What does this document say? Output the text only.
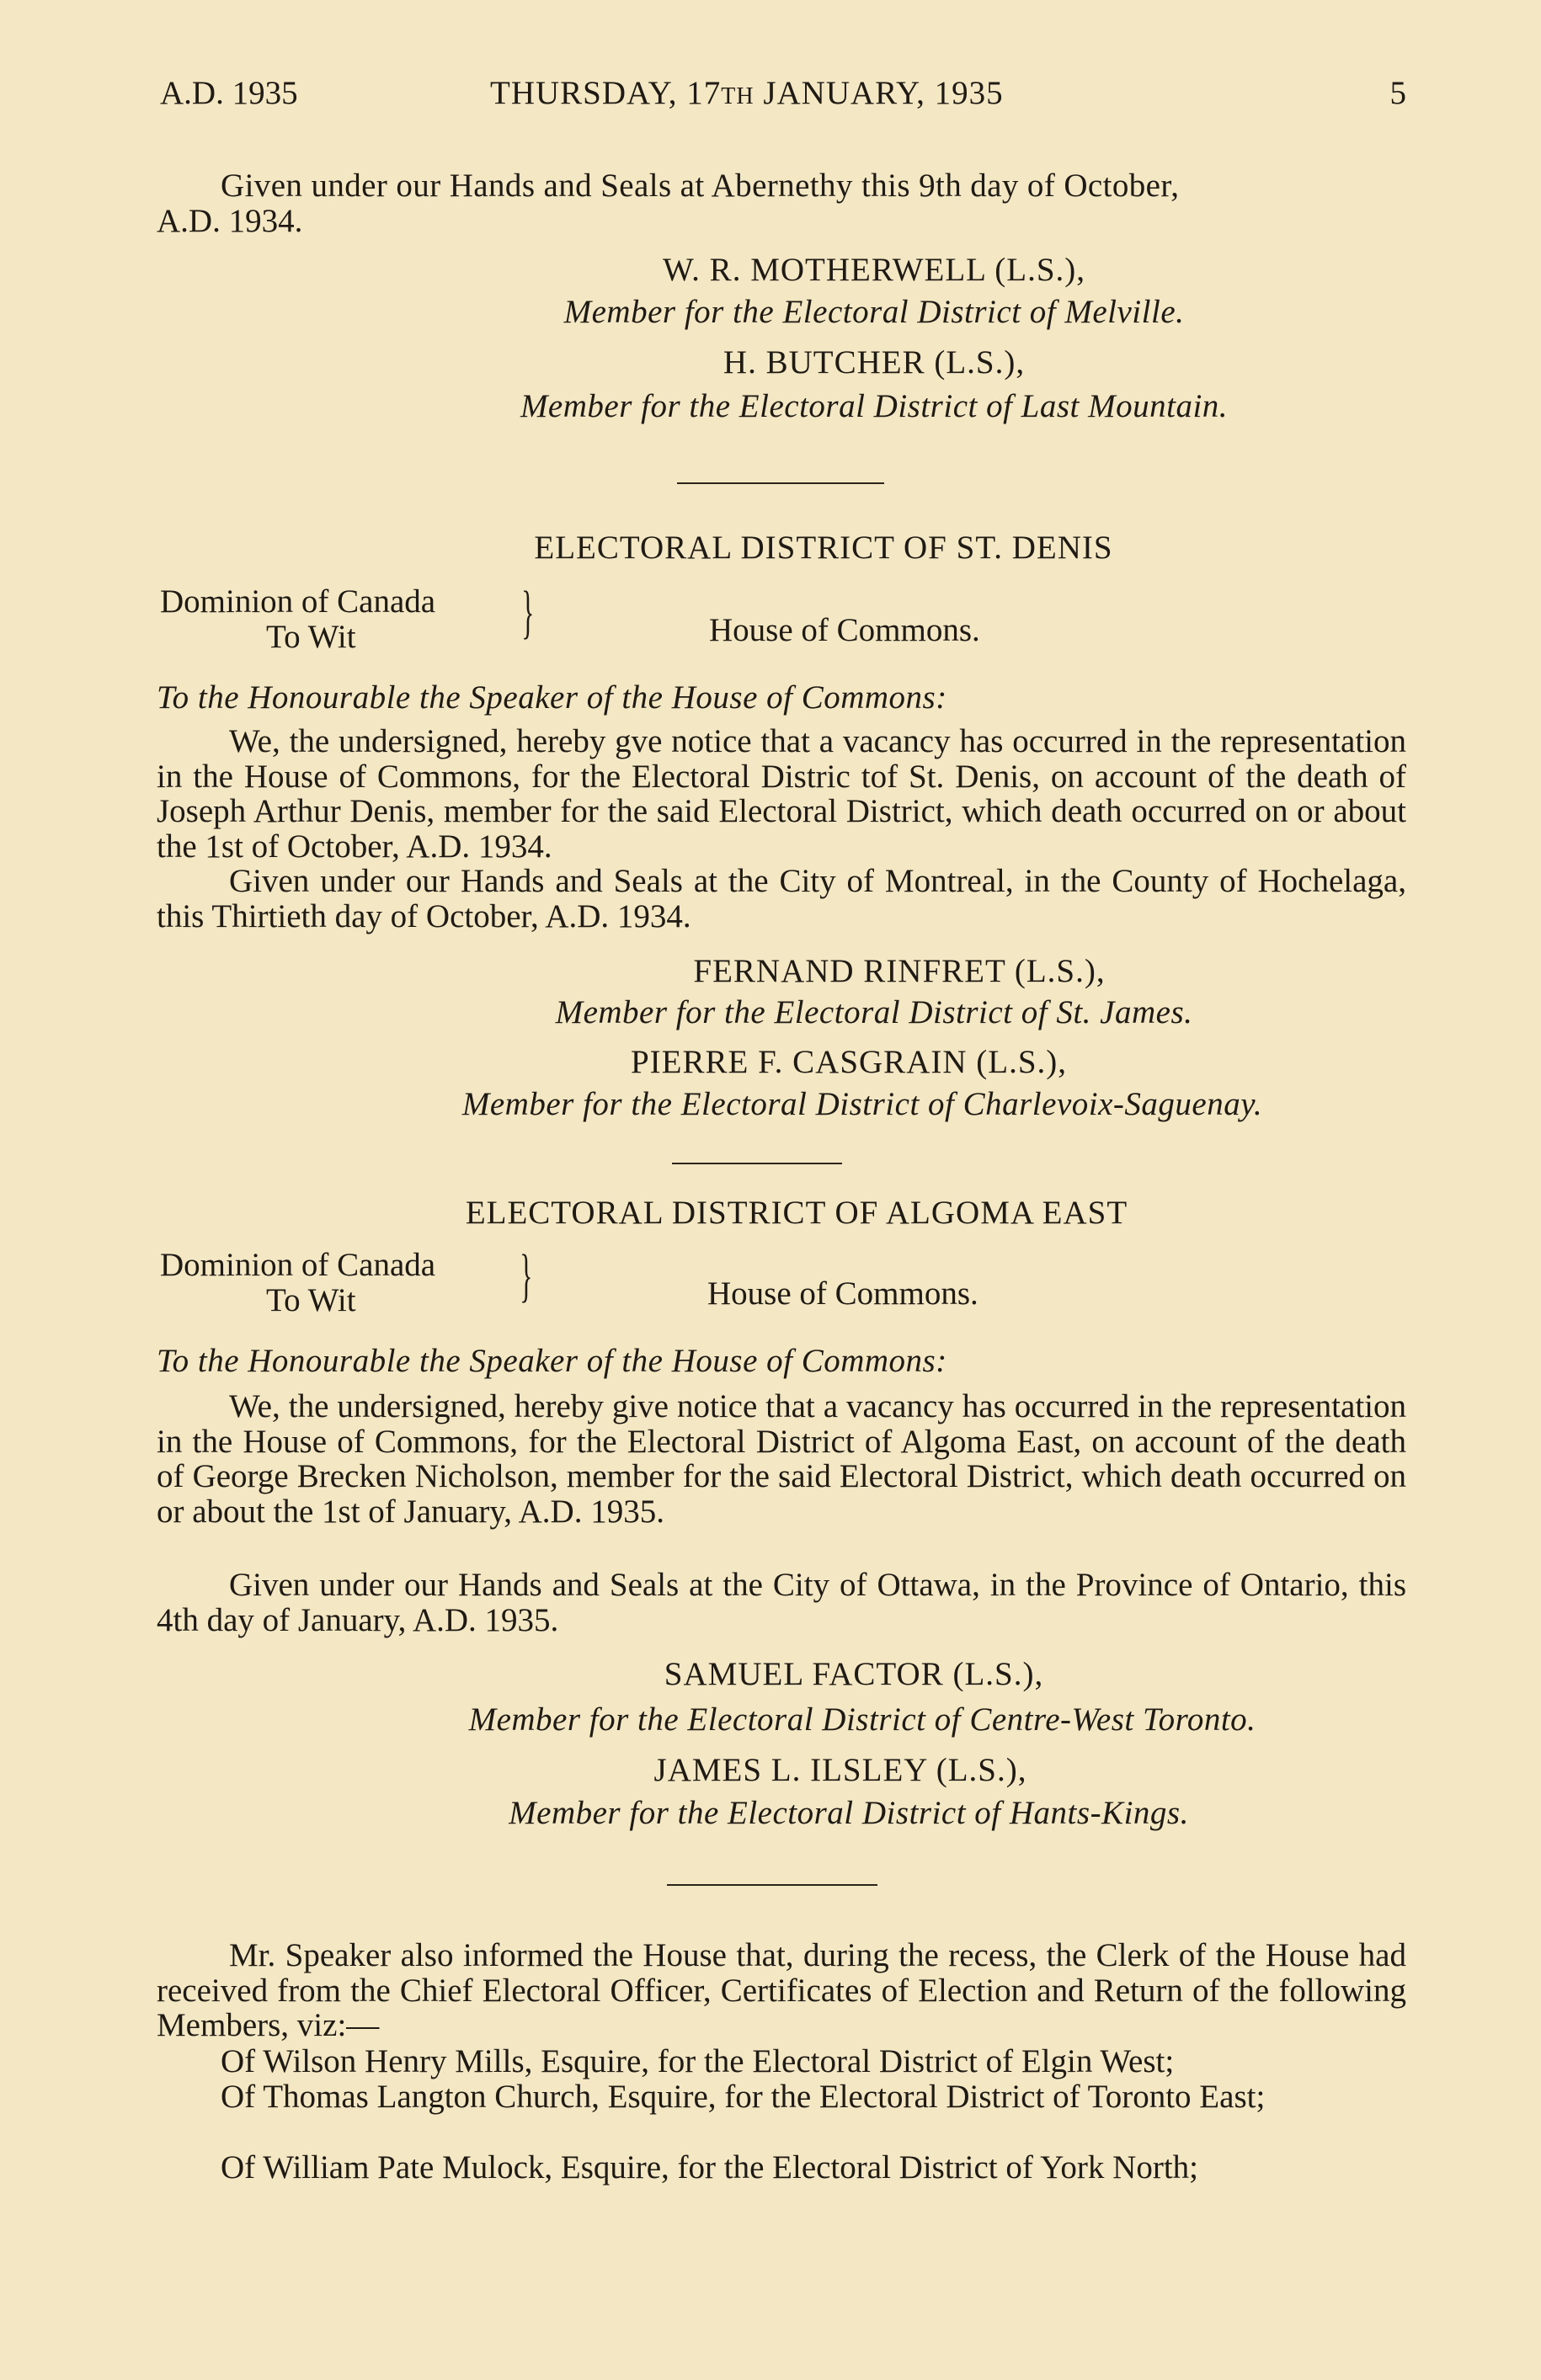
A.D. 1935	THURSDAY, 17TH JANUARY, 1935	5
Given under our Hands and Seals at Abernethy this 9th day of October,
A.D. 1934.
W. R. MOTHERWELL (L.S.),
Member for the Electoral District of Melville.
H. BUTCHER (L.S.),
Member for the Electoral District of Last Mountain.
ELECTORAL DISTRICT OF ST. DENIS
Dominion of Canada
To Wit	}	House of Commons.
To the Honourable the Speaker of the House of Commons:
We, the undersigned, hereby gve notice that a vacancy has occurred in the representation in the House of Commons, for the Electoral Distric tof St. Denis, on account of the death of Joseph Arthur Denis, member for the said Electoral District, which death occurred on or about the 1st of October, A.D. 1934.
Given under our Hands and Seals at the City of Montreal, in the County of Hochelaga, this Thirtieth day of October, A.D. 1934.
FERNAND RINFRET (L.S.),
Member for the Electoral District of St. James.
PIERRE F. CASGRAIN (L.S.),
Member for the Electoral District of Charlevoix-Saguenay.
ELECTORAL DISTRICT OF ALGOMA EAST
Dominion of Canada
To Wit	}	House of Commons.
To the Honourable the Speaker of the House of Commons:
We, the undersigned, hereby give notice that a vacancy has occurred in the representation in the House of Commons, for the Electoral District of Algoma East, on account of the death of George Brecken Nicholson, member for the said Electoral District, which death occurred on or about the 1st of January, A.D. 1935.
Given under our Hands and Seals at the City of Ottawa, in the Province of Ontario, this 4th day of January, A.D. 1935.
SAMUEL FACTOR (L.S.),
Member for the Electoral District of Centre-West Toronto.
JAMES L. ILSLEY (L.S.),
Member for the Electoral District of Hants-Kings.
Mr. Speaker also informed the House that, during the recess, the Clerk of the House had received from the Chief Electoral Officer, Certificates of Election and Return of the following Members, viz:—
Of Wilson Henry Mills, Esquire, for the Electoral District of Elgin West;
Of Thomas Langton Church, Esquire, for the Electoral District of Toronto East;
Of William Pate Mulock, Esquire, for the Electoral District of York North;
